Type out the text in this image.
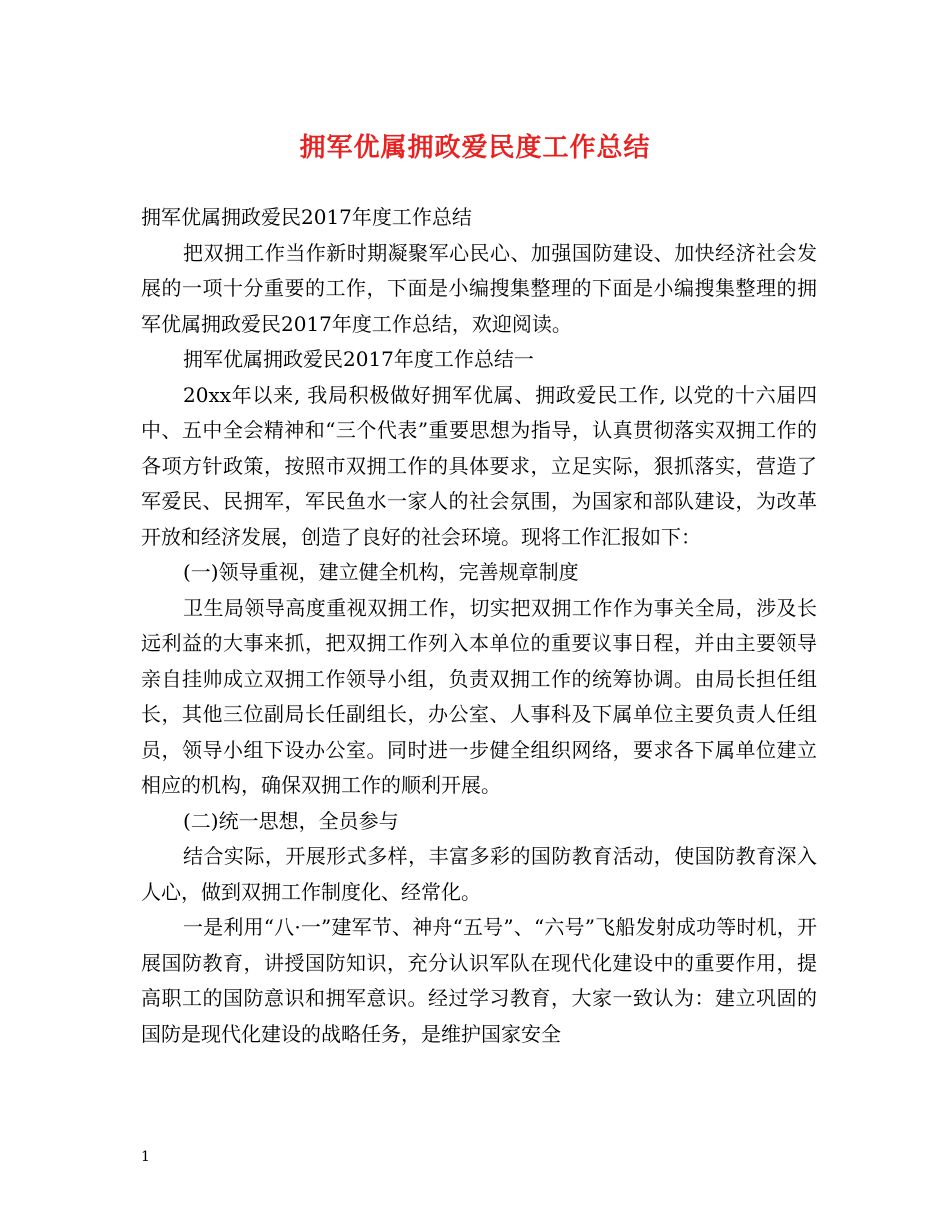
拥军优属拥政爱民度工作总结

拥军优属拥政爱民2017年度工作总结

把双拥工作当作新时期凝聚军心民心、加强国防建设、加快经济社会发展的一项十分重要的工作，下面是小编搜集整理的下面是小编搜集整理的拥军优属拥政爱民2017年度工作总结，欢迎阅读。

拥军优属拥政爱民2017年度工作总结一

20xx年以来, 我局积极做好拥军优属、拥政爱民工作, 以党的十六届四中、五中全会精神和“三个代表”重要思想为指导，认真贯彻落实双拥工作的各项方针政策，按照市双拥工作的具体要求，立足实际，狠抓落实，营造了军爱民、民拥军，军民鱼水一家人的社会氛围，为国家和部队建设，为改革开放和经济发展，创造了良好的社会环境。现将工作汇报如下：

(一)领导重视，建立健全机构，完善规章制度

卫生局领导高度重视双拥工作，切实把双拥工作作为事关全局，涉及长远利益的大事来抓，把双拥工作列入本单位的重要议事日程，并由主要领导亲自挂帅成立双拥工作领导小组，负责双拥工作的统筹协调。由局长担任组长，其他三位副局长任副组长，办公室、人事科及下属单位主要负责人任组员，领导小组下设办公室。同时进一步健全组织网络，要求各下属单位建立相应的机构，确保双拥工作的顺利开展。

(二)统一思想，全员参与

结合实际，开展形式多样，丰富多彩的国防教育活动，使国防教育深入人心，做到双拥工作制度化、经常化。

一是利用“八·一”建军节、神舟“五号”、“六号”飞船发射成功等时机，开展国防教育，讲授国防知识，充分认识军队在现代化建设中的重要作用，提高职工的国防意识和拥军意识。经过学习教育，大家一致认为：建立巩固的国防是现代化建设的战略任务，是维护国家安全

1
